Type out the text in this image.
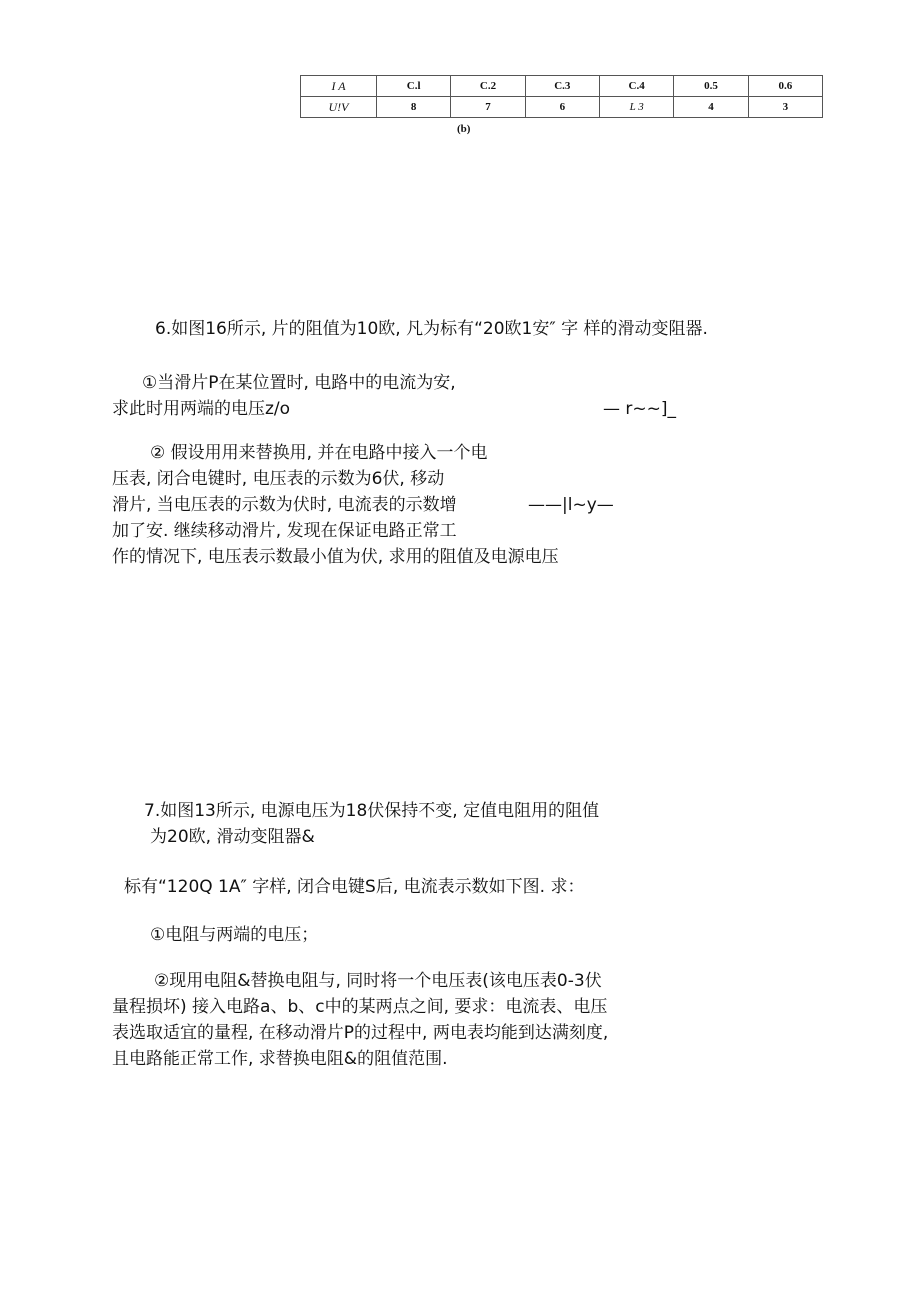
I A	C.l	C.2	C.3	C.4	0.5	0.6
U!V	8	7	6	L 3	4	3
(b)
6.如图16所示, 片的阻值为10欧, 凡为标有“20欧1安″ 字 样的滑动变阻器.
①当滑片P在某位置时, 电路中的电流为安,
求此时用两端的电压z/o	— r~~]_
② 假设用用来替换用, 并在电路中接入一个电
压表, 闭合电键时, 电压表的示数为6伏, 移动
滑片, 当电压表的示数为伏时, 电流表的示数增	——|l~y—
加了安. 继续移动滑片, 发现在保证电路正常工
作的情况下, 电压表示数最小值为伏, 求用的阻值及电源电压
7.如图13所示, 电源电压为18伏保持不变, 定值电阻用的阻值
为20欧, 滑动变阻器&
标有“120Q 1A″ 字样, 闭合电键S后, 电流表示数如下图. 求：
①电阻与两端的电压；
②现用电阻&替换电阻与, 同时将一个电压表(该电压表0-3伏
量程损坏) 接入电路a、b、c中的某两点之间, 要求：电流表、电压
表选取适宜的量程, 在移动滑片P的过程中, 两电表均能到达满刻度,
且电路能正常工作, 求替换电阻&的阻值范围.
